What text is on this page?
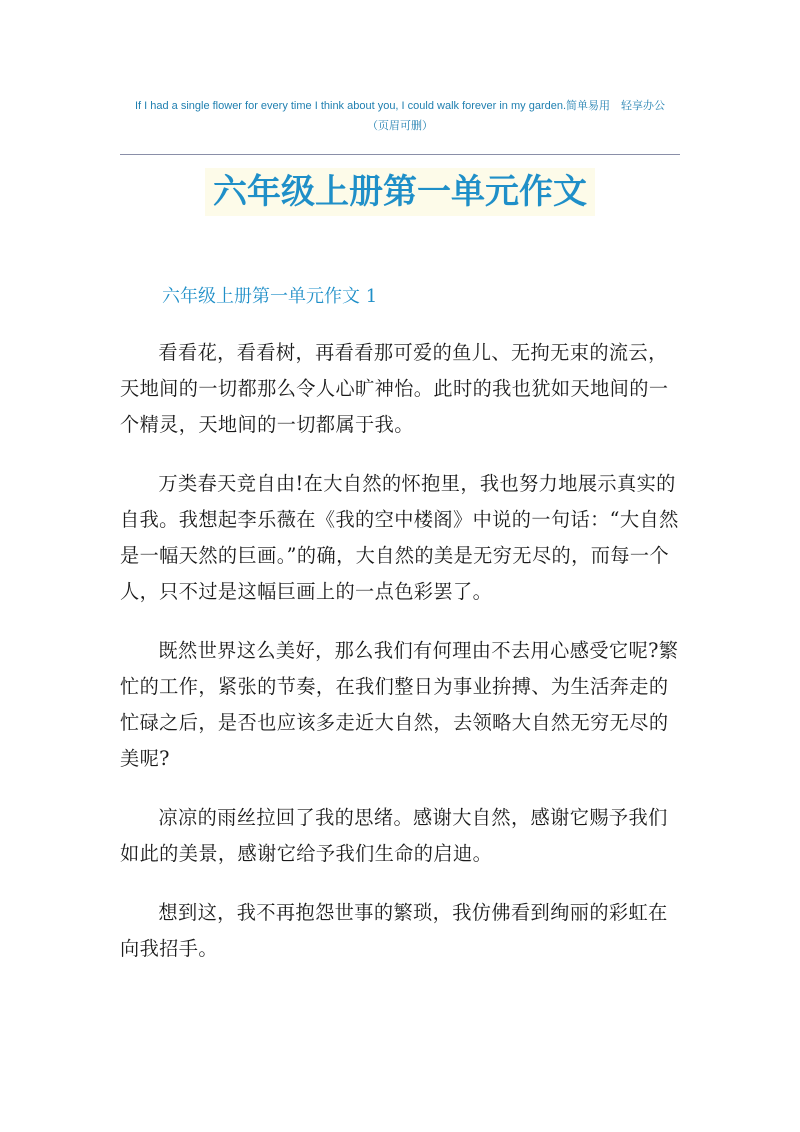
If I had a single flower for every time I think about you, I could walk forever in my garden.简单易用　轻享办公
（页眉可删）
六年级上册第一单元作文
六年级上册第一单元作文 1

看看花，看看树，再看看那可爱的鱼儿、无拘无束的流云，天地间的一切都那么令人心旷神怡。此时的我也犹如天地间的一个精灵，天地间的一切都属于我。

万类春天竞自由!在大自然的怀抱里，我也努力地展示真实的自我。我想起李乐薇在《我的空中楼阁》中说的一句话：“大自然是一幅天然的巨画。”的确，大自然的美是无穷无尽的，而每一个人，只不过是这幅巨画上的一点色彩罢了。

既然世界这么美好，那么我们有何理由不去用心感受它呢?繁忙的工作，紧张的节奏，在我们整日为事业拚搏、为生活奔走的忙碌之后，是否也应该多走近大自然，去领略大自然无穷无尽的美呢?

凉凉的雨丝拉回了我的思绪。感谢大自然，感谢它赐予我们如此的美景，感谢它给予我们生命的启迪。

想到这，我不再抱怨世事的繁琐，我仿佛看到绚丽的彩虹在向我招手。
